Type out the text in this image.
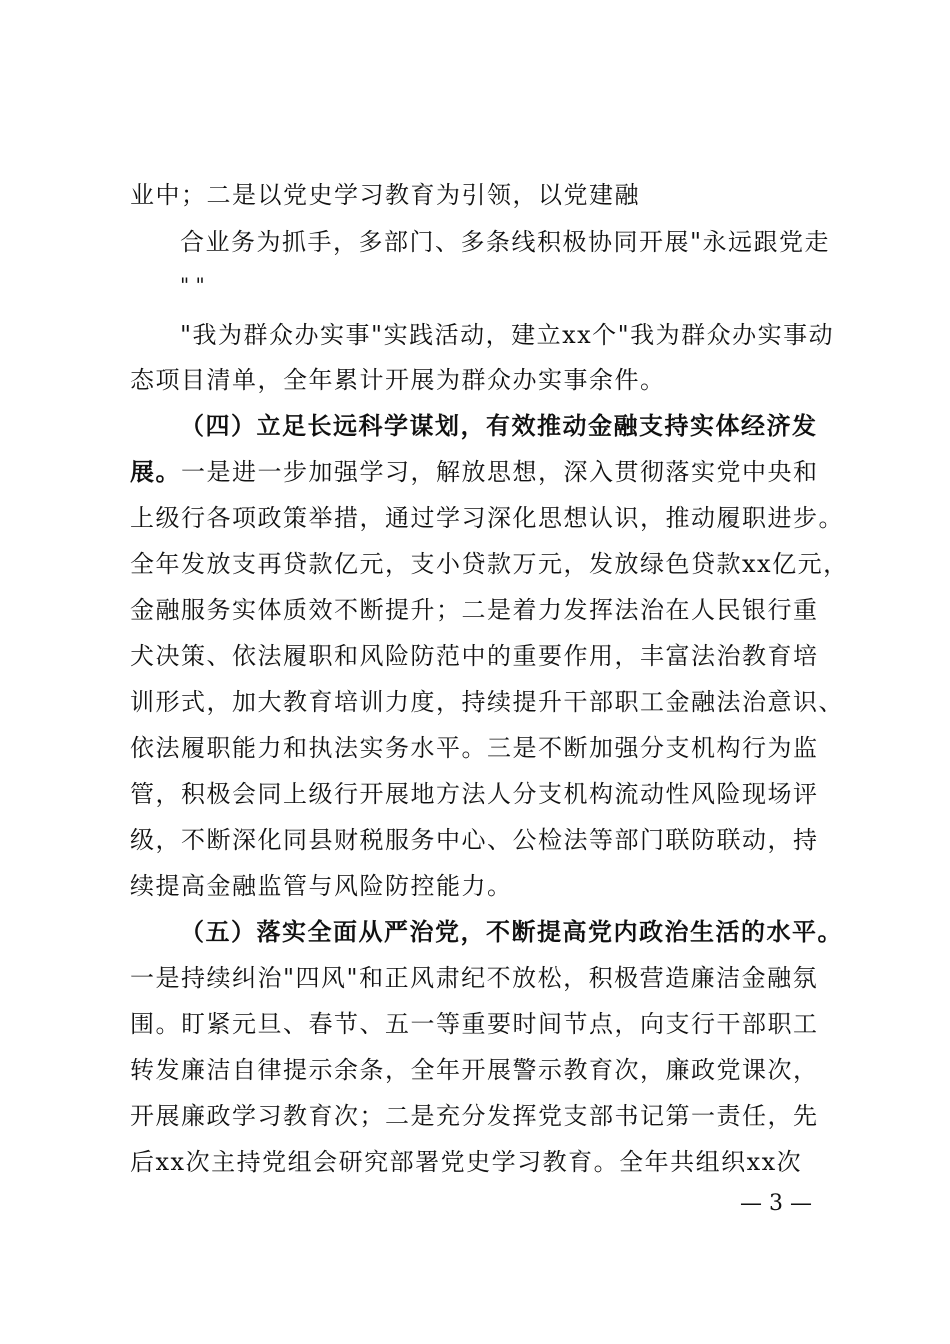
业中；二是以党史学习教育为引领，以党建融
合业务为抓手，多部门、多条线积极协同开展"永远跟党走
" "
"我为群众办实事"实践活动，建立xx个"我为群众办实事动
态项目清单，全年累计开展为群众办实事余件。
（四）立足长远科学谋划，有效推动金融支持实体经济发
展。一是进一步加强学习，解放思想，深入贯彻落实党中央和
上级行各项政策举措，通过学习深化思想认识，推动履职进步。
全年发放支再贷款亿元，支小贷款万元，发放绿色贷款xx亿元，
金融服务实体质效不断提升；二是着力发挥法治在人民银行重
犬决策、依法履职和风险防范中的重要作用，丰富法治教育培
训形式，加大教育培训力度，持续提升干部职工金融法治意识、
依法履职能力和执法实务水平。三是不断加强分支机构行为监
管，积极会同上级行开展地方法人分支机构流动性风险现场评
级，不断深化同县财税服务中心、公检法等部门联防联动，持
续提高金融监管与风险防控能力。
（五）落实全面从严治党，不断提高党内政治生活的水平。
一是持续纠治"四风"和正风肃纪不放松，积极营造廉洁金融氛
围。盯紧元旦、春节、五一等重要时间节点，向支行干部职工
转发廉洁自律提示余条，全年开展警示教育次，廉政党课次，
开展廉政学习教育次；二是充分发挥党支部书记第一责任，先
后xx次主持党组会研究部署党史学习教育。全年共组织xx次
— 3 —
